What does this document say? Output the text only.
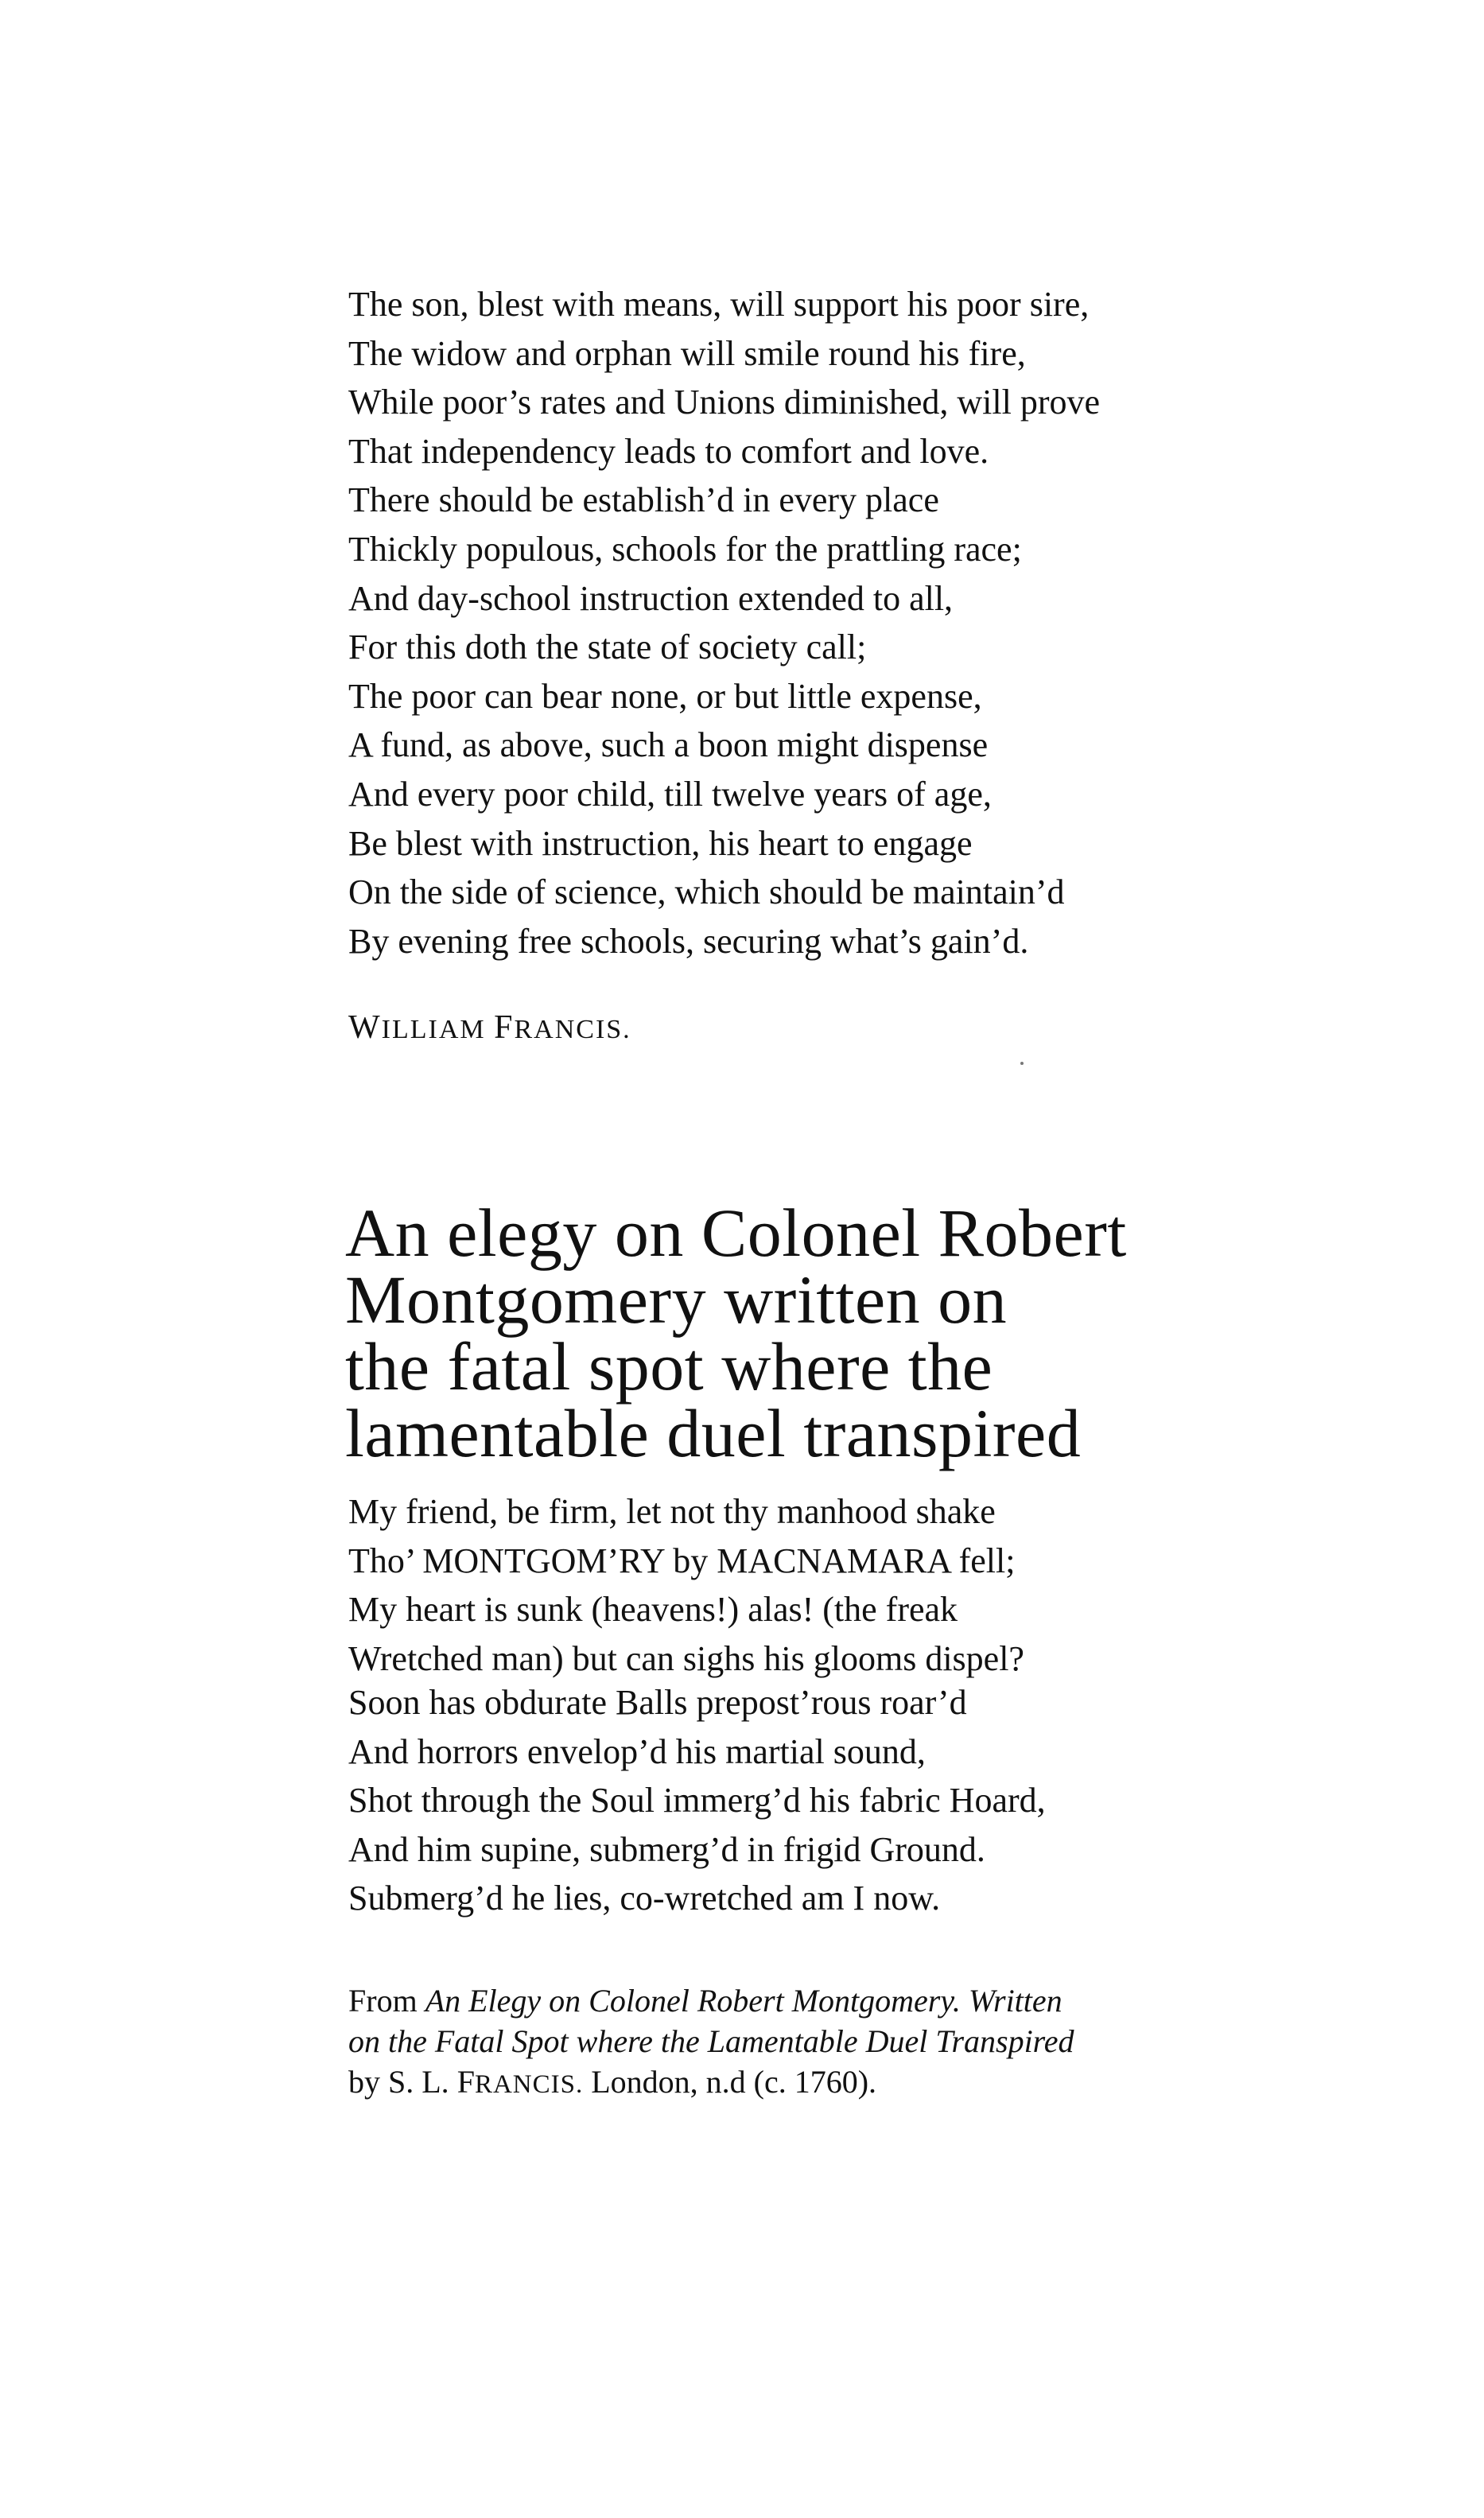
The son, blest with means, will support his poor sire,
The widow and orphan will smile round his fire,
While poor’s rates and Unions diminished, will prove
That independency leads to comfort and love.
There should be establish’d in every place
Thickly populous, schools for the prattling race;
And day-school instruction extended to all,
For this doth the state of society call;
The poor can bear none, or but little expense,
A fund, as above, such a boon might dispense
And every poor child, till twelve years of age,
Be blest with instruction, his heart to engage
On the side of science, which should be maintain’d
By evening free schools, securing what’s gain’d.
WILLIAM FRANCIS.
An elegy on Colonel Robert
Montgomery written on
the fatal spot where the
lamentable duel transpired
My friend, be firm, let not thy manhood shake
Tho’ MONTGOM’RY by MACNAMARA fell;
My heart is sunk (heavens!) alas! (the freak
Wretched man) but can sighs his glooms dispel?
Soon has obdurate Balls prepost’rous roar’d
And horrors envelop’d his martial sound,
Shot through the Soul immerg’d his fabric Hoard,
And him supine, submerg’d in frigid Ground.
Submerg’d he lies, co-wretched am I now.
From An Elegy on Colonel Robert Montgomery. Written
on the Fatal Spot where the Lamentable Duel Transpired
by S. L. FRANCIS. London, n.d (c. 1760).
